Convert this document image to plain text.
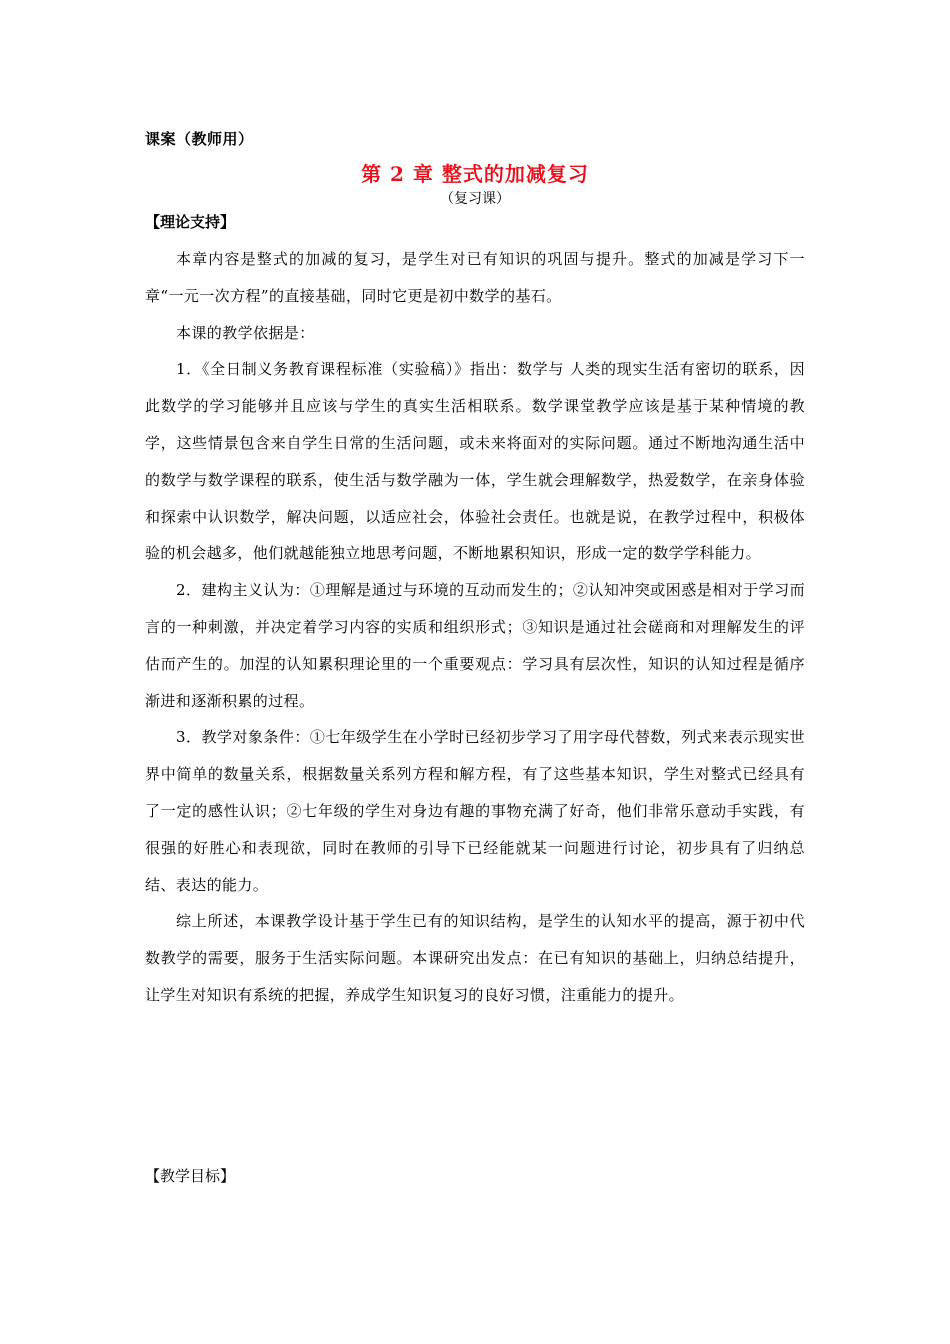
课案（教师用）
第 2 章 整式的加减复习
（复习课）
【理论支持】

本章内容是整式的加减的复习，是学生对已有知识的巩固与提升。整式的加减是学习下一章“一元一次方程”的直接基础，同时它更是初中数学的基石。

本课的教学依据是：

1．《全日制义务教育课程标准（实验稿）》指出：数学与 人类的现实生活有密切的联系，因此数学的学习能够并且应该与学生的真实生活相联系。数学课堂教学应该是基于某种情境的教学，这些情景包含来自学生日常的生活问题，或未来将面对的实际问题。通过不断地沟通生活中的数学与数学课程的联系，使生活与数学融为一体，学生就会理解数学，热爱数学，在亲身体验和探索中认识数学，解决问题，以适应社会，体验社会责任。也就是说，在教学过程中，积极体验的机会越多，他们就越能独立地思考问题，不断地累积知识，形成一定的数学学科能力。

2．建构主义认为：①理解是通过与环境的互动而发生的；②认知冲突或困惑是相对于学习而言的一种刺激，并决定着学习内容的实质和组织形式；③知识是通过社会磋商和对理解发生的评估而产生的。加涅的认知累积理论里的一个重要观点：学习具有层次性，知识的认知过程是循序渐进和逐渐积累的过程。

3．教学对象条件：①七年级学生在小学时已经初步学习了用字母代替数，列式来表示现实世界中简单的数量关系，根据数量关系列方程和解方程，有了这些基本知识，学生对整式已经具有了一定的感性认识；②七年级的学生对身边有趣的事物充满了好奇，他们非常乐意动手实践，有很强的好胜心和表现欲，同时在教师的引导下已经能就某一问题进行讨论，初步具有了归纳总结、表达的能力。

综上所述，本课教学设计基于学生已有的知识结构，是学生的认知水平的提高，源于初中代数教学的需要，服务于生活实际问题。本课研究出发点：在已有知识的基础上，归纳总结提升，让学生对知识有系统的把握，养成学生知识复习的良好习惯，注重能力的提升。

【教学目标】
